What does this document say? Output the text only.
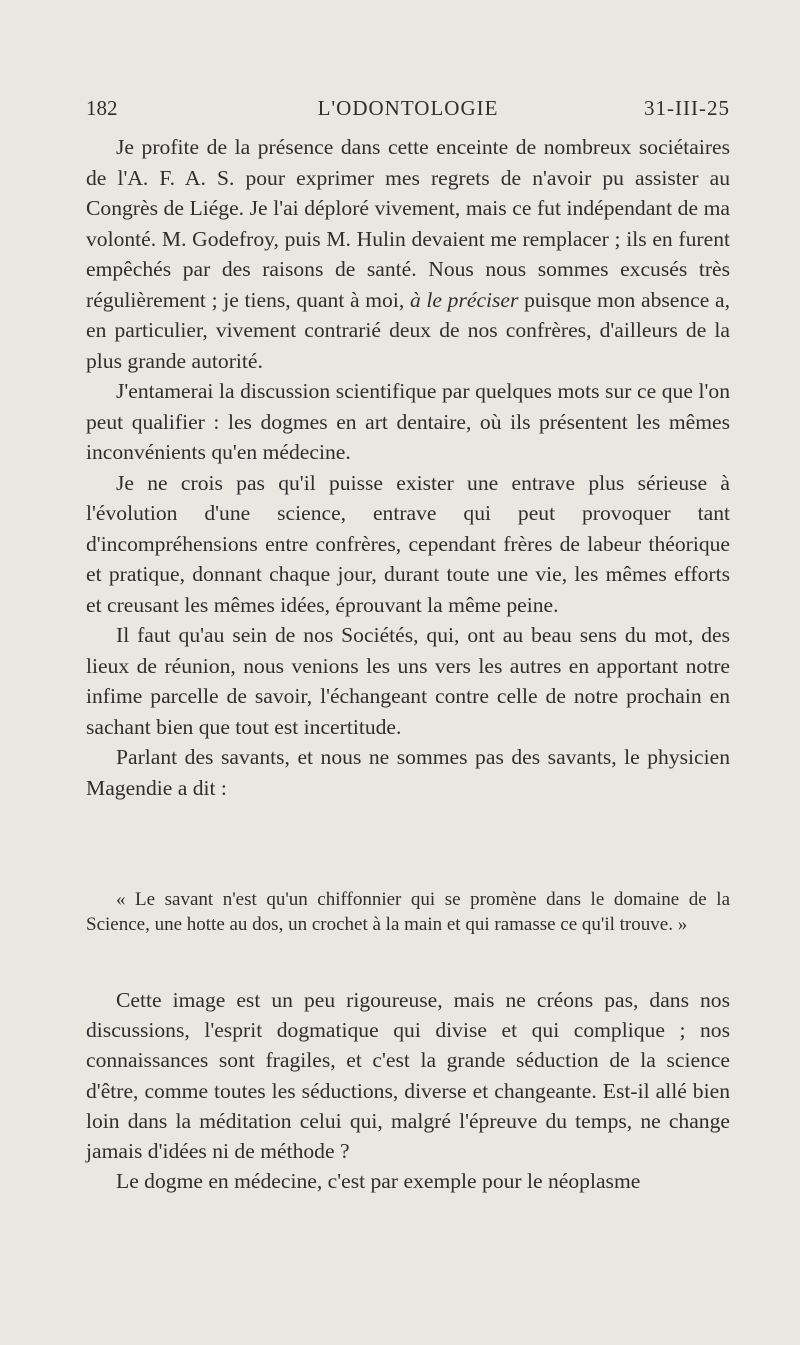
182	L'ODONTOLOGIE	31-III-25

Je profite de la présence dans cette enceinte de nombreux sociétaires de l'A. F. A. S. pour exprimer mes regrets de n'avoir pu assister au Congrès de Liége. Je l'ai déploré vivement, mais ce fut indépendant de ma volonté. M. Godefroy, puis M. Hulin devaient me remplacer ; ils en furent empêchés par des raisons de santé. Nous nous sommes excusés très régulièrement ; je tiens, quant à moi, à le préciser puisque mon absence a, en particulier, vivement contrarié deux de nos confrères, d'ailleurs de la plus grande autorité.

J'entamerai la discussion scientifique par quelques mots sur ce que l'on peut qualifier : les dogmes en art dentaire, où ils présentent les mêmes inconvénients qu'en médecine.

Je ne crois pas qu'il puisse exister une entrave plus sérieuse à l'évolution d'une science, entrave qui peut provoquer tant d'incompréhensions entre confrères, cependant frères de labeur théorique et pratique, donnant chaque jour, durant toute une vie, les mêmes efforts et creusant les mêmes idées, éprouvant la même peine.

Il faut qu'au sein de nos Sociétés, qui, ont au beau sens du mot, des lieux de réunion, nous venions les uns vers les autres en apportant notre infime parcelle de savoir, l'échangeant contre celle de notre prochain en sachant bien que tout est incertitude.

Parlant des savants, et nous ne sommes pas des savants, le physicien Magendie a dit :

« Le savant n'est qu'un chiffonnier qui se promène dans le domaine de la Science, une hotte au dos, un crochet à la main et qui ramasse ce qu'il trouve. »

Cette image est un peu rigoureuse, mais ne créons pas, dans nos discussions, l'esprit dogmatique qui divise et qui complique ; nos connaissances sont fragiles, et c'est la grande séduction de la science d'être, comme toutes les séductions, diverse et changeante. Est-il allé bien loin dans la méditation celui qui, malgré l'épreuve du temps, ne change jamais d'idées ni de méthode ?

Le dogme en médecine, c'est par exemple pour le néoplasme
